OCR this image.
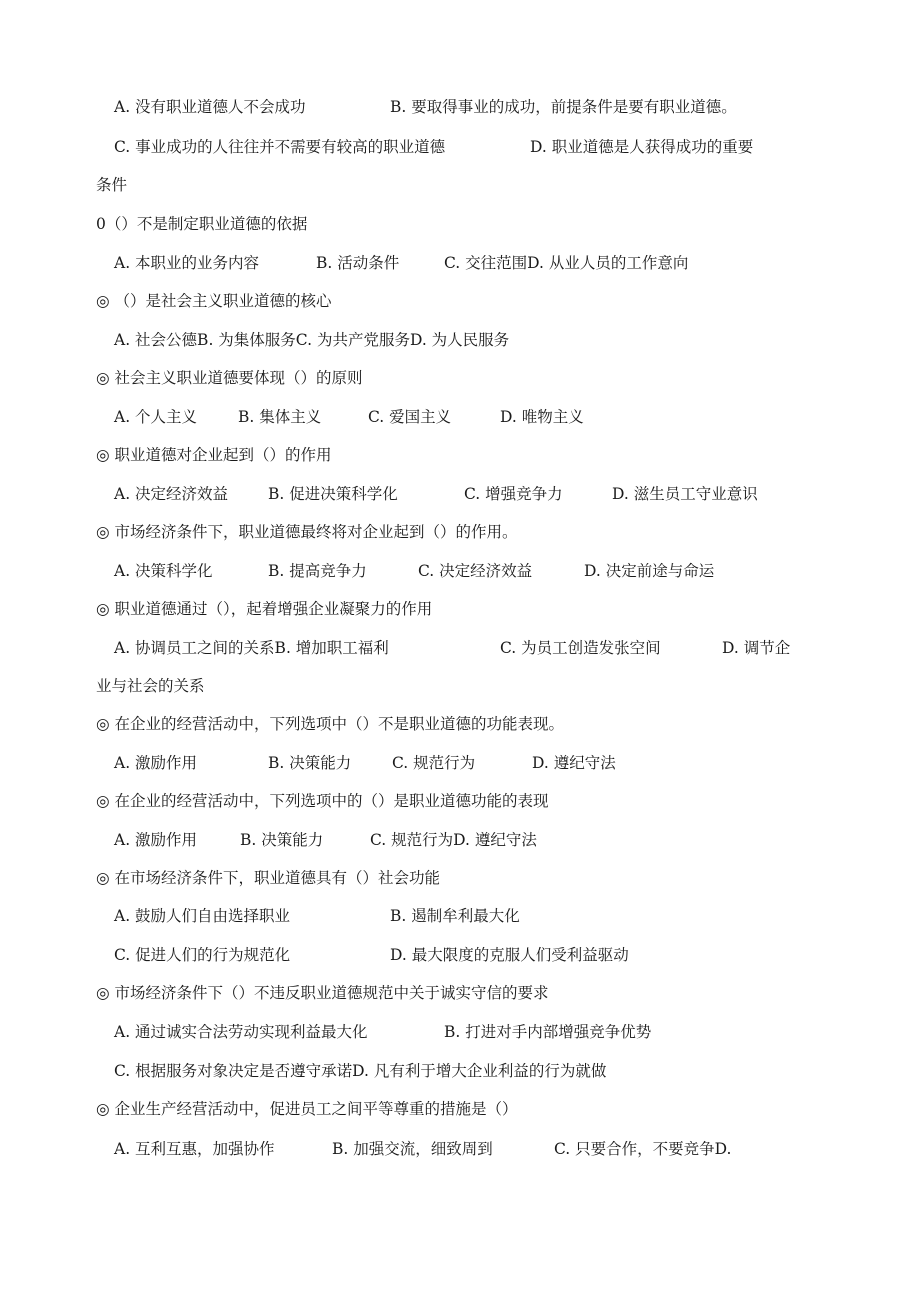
A. 没有职业道德人不会成功	B. 要取得事业的成功，前提条件是要有职业道德。
C. 事业成功的人往往并不需要有较高的职业道德	D. 职业道德是人获得成功的重要
条件
0（）不是制定职业道德的依据
A. 本职业的业务内容	B. 活动条件	C. 交往范围D. 从业人员的工作意向
◎ （）是社会主义职业道德的核心
A. 社会公德B. 为集体服务C. 为共产党服务D. 为人民服务
◎ 社会主义职业道德要体现（）的原则
A. 个人主义	B. 集体主义	C. 爱国主义	D. 唯物主义
◎ 职业道德对企业起到（）的作用
A. 决定经济效益	B. 促进决策科学化	C. 增强竞争力	D. 滋生员工守业意识
◎ 市场经济条件下，职业道德最终将对企业起到（）的作用。
A. 决策科学化	B. 提高竞争力	C. 决定经济效益	D. 决定前途与命运
◎ 职业道德通过（），起着增强企业凝聚力的作用
A. 协调员工之间的关系B. 增加职工福利	C. 为员工创造发张空间	D. 调节企
业与社会的关系
◎ 在企业的经营活动中，下列选项中（）不是职业道德的功能表现。
A. 激励作用	B. 决策能力	C. 规范行为	D. 遵纪守法
◎ 在企业的经营活动中，下列选项中的（）是职业道德功能的表现
A. 激励作用	B. 决策能力	C. 规范行为D. 遵纪守法
◎ 在市场经济条件下，职业道德具有（）社会功能
A. 鼓励人们自由选择职业	B. 遏制牟利最大化
C. 促进人们的行为规范化	D. 最大限度的克服人们受利益驱动
◎ 市场经济条件下（）不违反职业道德规范中关于诚实守信的要求
A. 通过诚实合法劳动实现利益最大化	B. 打进对手内部增强竞争优势
C. 根据服务对象决定是否遵守承诺D. 凡有利于增大企业利益的行为就做
◎ 企业生产经营活动中，促进员工之间平等尊重的措施是（）
A. 互利互惠，加强协作	B. 加强交流，细致周到	C. 只要合作，不要竞争D.
